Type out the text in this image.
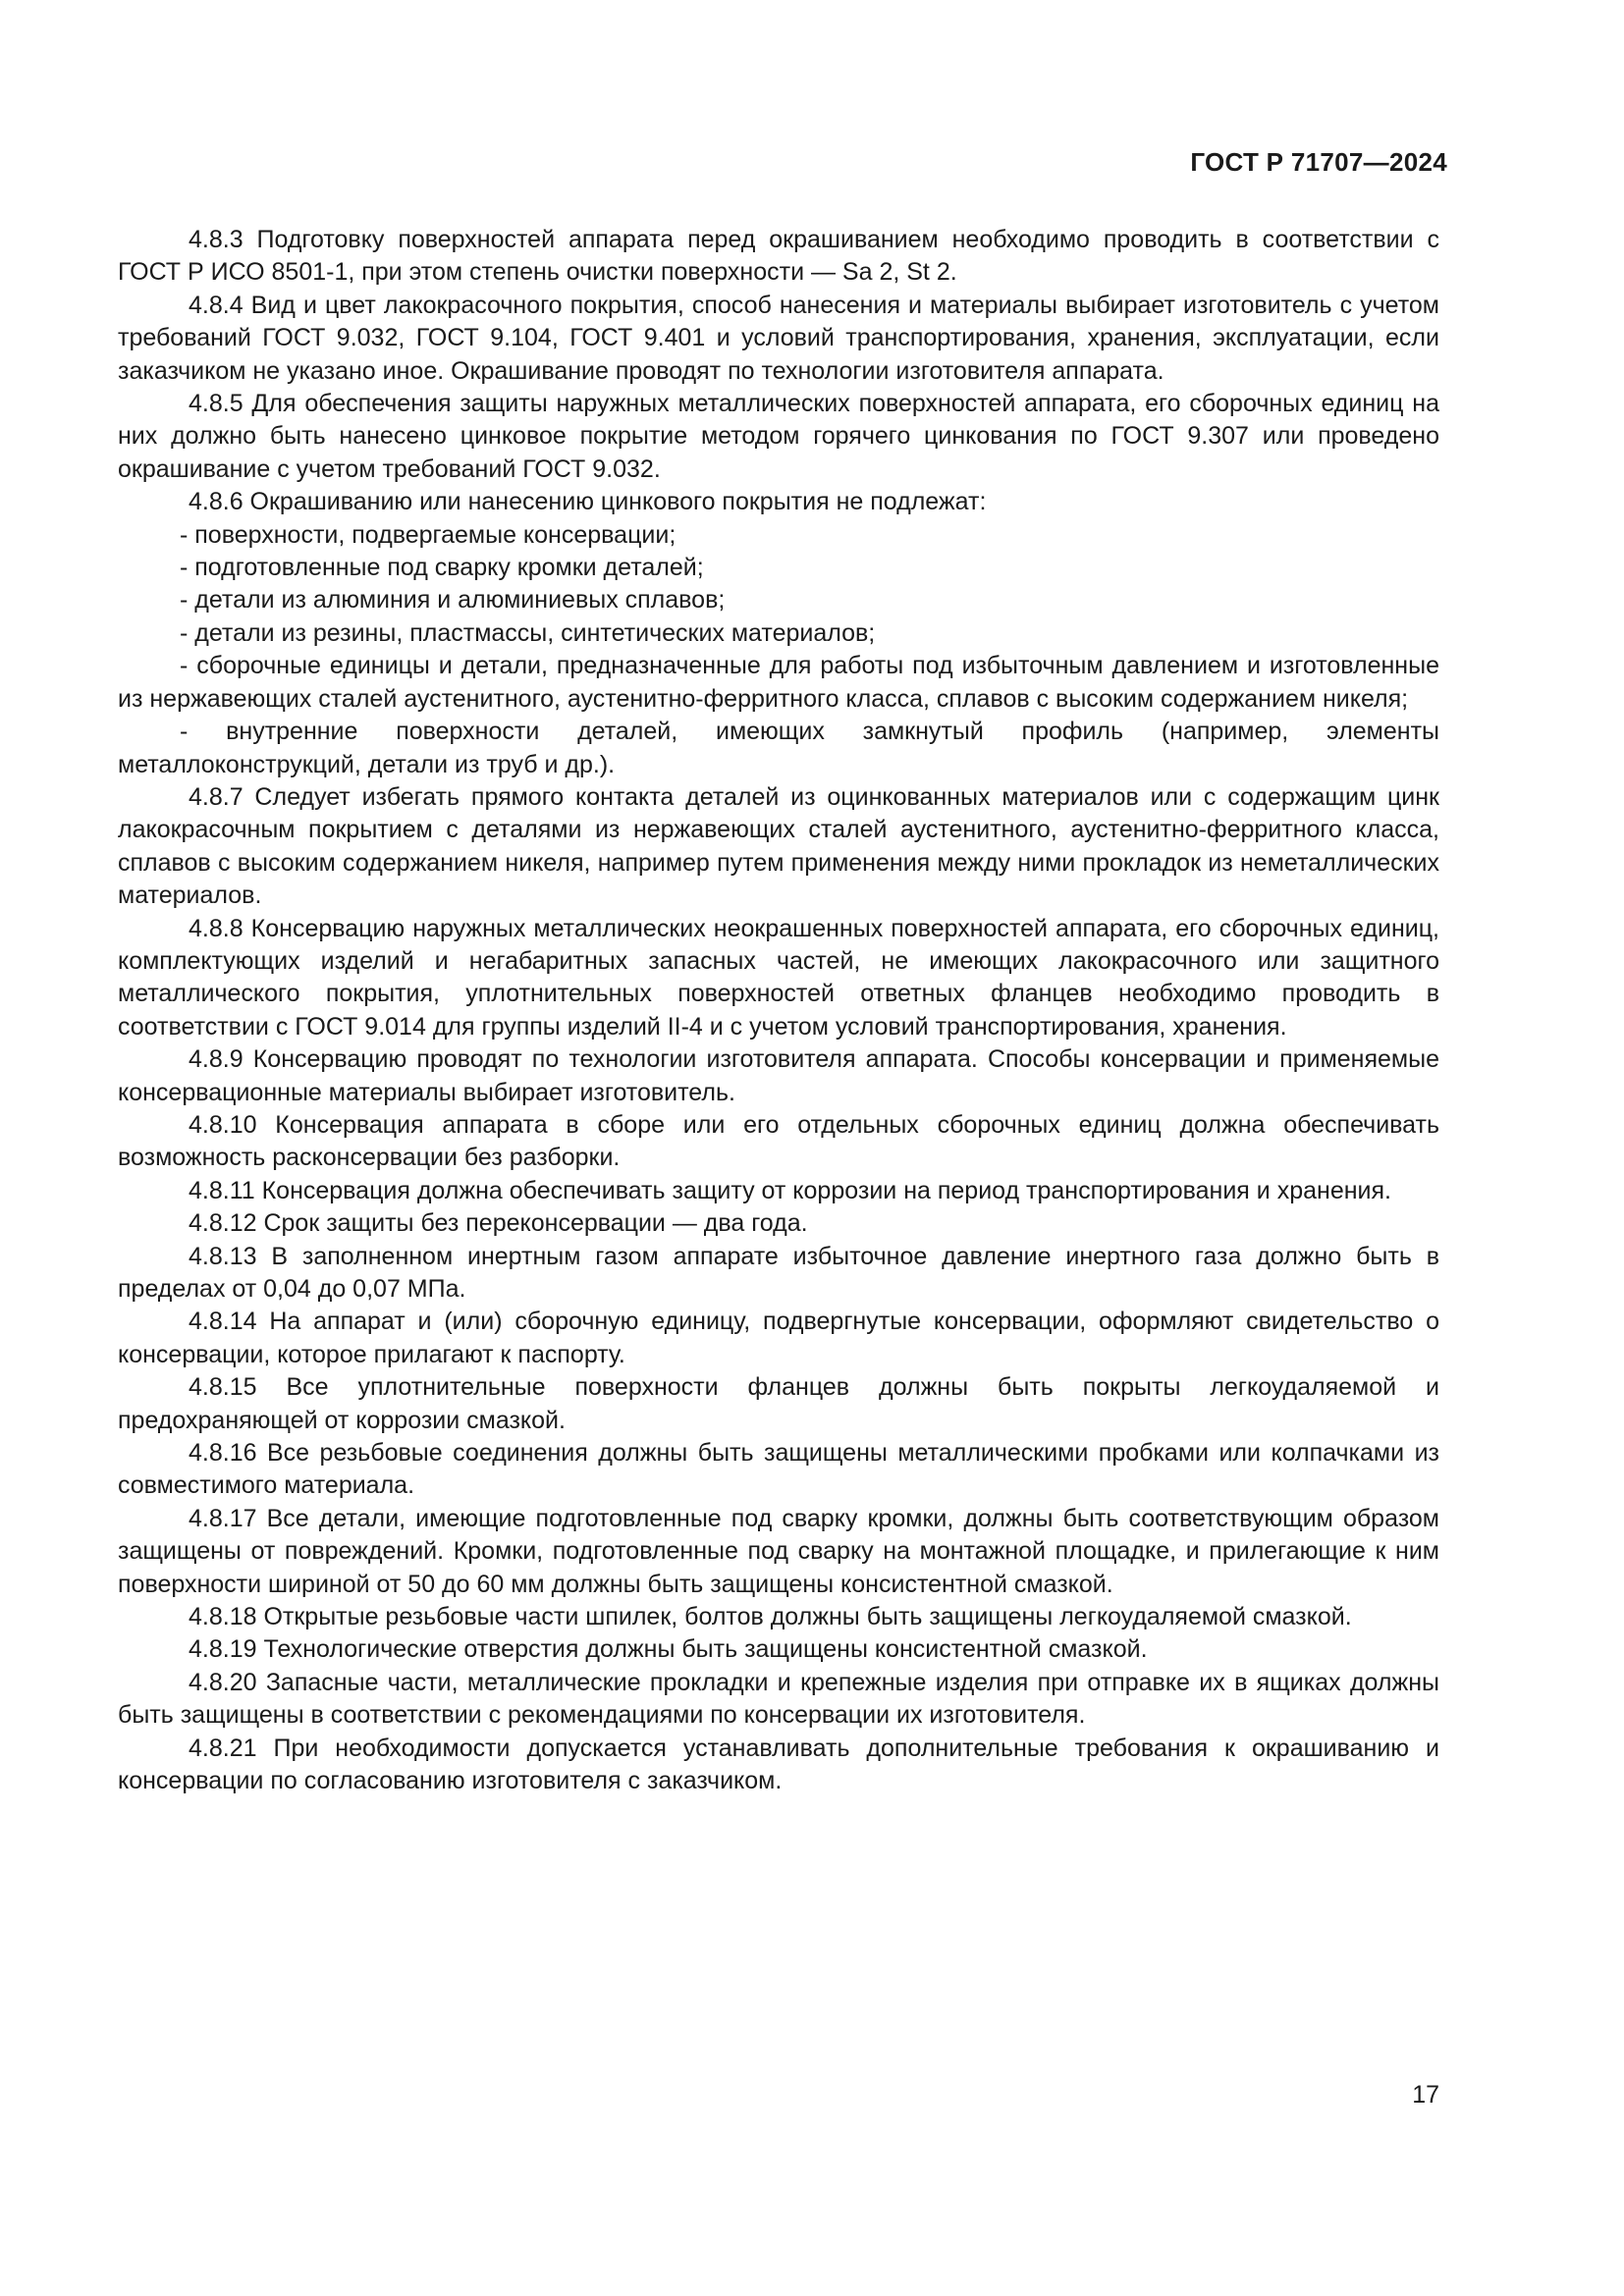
ГОСТ Р 71707—2024

4.8.3 Подготовку поверхностей аппарата перед окрашиванием необходимо проводить в соответствии с ГОСТ Р ИСО 8501-1, при этом степень очистки поверхности — Sa 2, St 2.

4.8.4 Вид и цвет лакокрасочного покрытия, способ нанесения и материалы выбирает изготовитель с учетом требований ГОСТ 9.032, ГОСТ 9.104, ГОСТ 9.401 и условий транспортирования, хранения, эксплуатации, если заказчиком не указано иное. Окрашивание проводят по технологии изготовителя аппарата.

4.8.5 Для обеспечения защиты наружных металлических поверхностей аппарата, его сборочных единиц на них должно быть нанесено цинковое покрытие методом горячего цинкования по ГОСТ 9.307 или проведено окрашивание с учетом требований ГОСТ 9.032.

4.8.6 Окрашиванию или нанесению цинкового покрытия не подлежат:

- поверхности, подвергаемые консервации;

- подготовленные под сварку кромки деталей;

- детали из алюминия и алюминиевых сплавов;

- детали из резины, пластмассы, синтетических материалов;

- сборочные единицы и детали, предназначенные для работы под избыточным давлением и изготовленные из нержавеющих сталей аустенитного, аустенитно-ферритного класса, сплавов с высоким содержанием никеля;

- внутренние поверхности деталей, имеющих замкнутый профиль (например, элементы металлоконструкций, детали из труб и др.).

4.8.7 Следует избегать прямого контакта деталей из оцинкованных материалов или с содержащим цинк лакокрасочным покрытием с деталями из нержавеющих сталей аустенитного, аустенитно-ферритного класса, сплавов с высоким содержанием никеля, например путем применения между ними прокладок из неметаллических материалов.

4.8.8 Консервацию наружных металлических неокрашенных поверхностей аппарата, его сборочных единиц, комплектующих изделий и негабаритных запасных частей, не имеющих лакокрасочного или защитного металлического покрытия, уплотнительных поверхностей ответных фланцев необходимо проводить в соответствии с ГОСТ 9.014 для группы изделий II-4 и с учетом условий транспортирования, хранения.

4.8.9 Консервацию проводят по технологии изготовителя аппарата. Способы консервации и применяемые консервационные материалы выбирает изготовитель.

4.8.10 Консервация аппарата в сборе или его отдельных сборочных единиц должна обеспечивать возможность расконсервации без разборки.

4.8.11 Консервация должна обеспечивать защиту от коррозии на период транспортирования и хранения.

4.8.12 Срок защиты без переконсервации — два года.

4.8.13 В заполненном инертным газом аппарате избыточное давление инертного газа должно быть в пределах от 0,04 до 0,07 МПа.

4.8.14 На аппарат и (или) сборочную единицу, подвергнутые консервации, оформляют свидетельство о консервации, которое прилагают к паспорту.

4.8.15 Все уплотнительные поверхности фланцев должны быть покрыты легкоудаляемой и предохраняющей от коррозии смазкой.

4.8.16 Все резьбовые соединения должны быть защищены металлическими пробками или колпачками из совместимого материала.

4.8.17 Все детали, имеющие подготовленные под сварку кромки, должны быть соответствующим образом защищены от повреждений. Кромки, подготовленные под сварку на монтажной площадке, и прилегающие к ним поверхности шириной от 50 до 60 мм должны быть защищены консистентной смазкой.

4.8.18 Открытые резьбовые части шпилек, болтов должны быть защищены легкоудаляемой смазкой.

4.8.19 Технологические отверстия должны быть защищены консистентной смазкой.

4.8.20 Запасные части, металлические прокладки и крепежные изделия при отправке их в ящиках должны быть защищены в соответствии с рекомендациями по консервации их изготовителя.

4.8.21 При необходимости допускается устанавливать дополнительные требования к окрашиванию и консервации по согласованию изготовителя с заказчиком.

17
